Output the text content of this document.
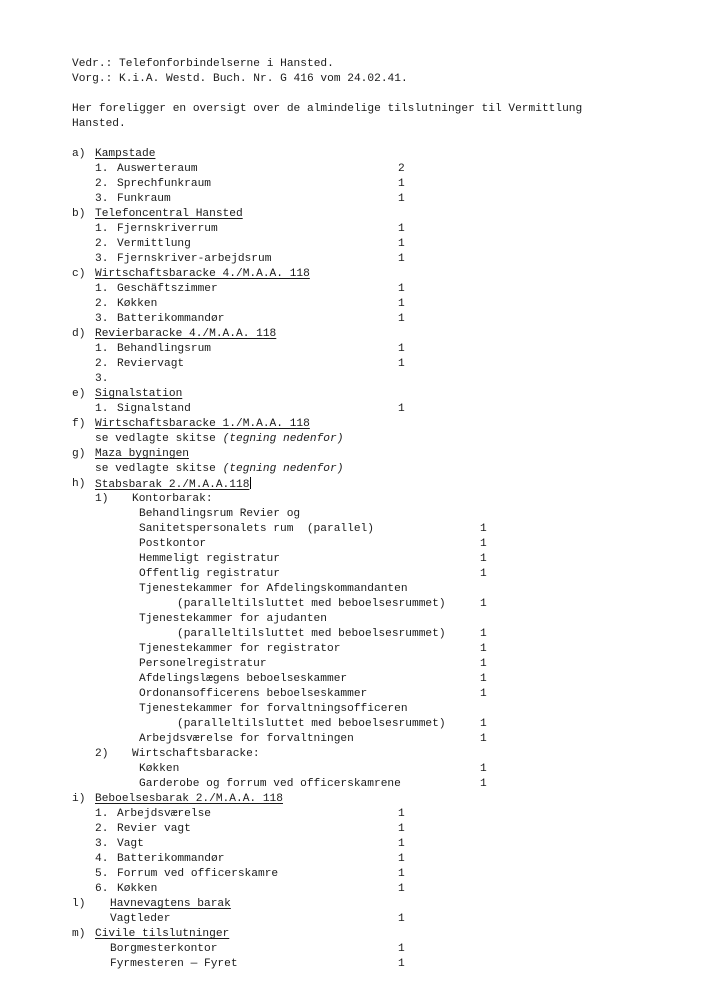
Vedr.: Telefonforbindelserne i Hansted.
Vorg.: K.i.A. Westd. Buch. Nr. G 416 vom 24.02.41.
Her foreligger en oversigt over de almindelige tilslutninger til Vermittlung
Hansted.
a) Kampstade
1. Auswerteraum	2
2. Sprechfunkraum	1
3. Funkraum	1
b) Telefoncentral Hansted
1. Fjernskriverrum	1
2. Vermittlung	1
3. Fjernskriver-arbejdsrum	1
c) Wirtschaftsbaracke 4./M.A.A. 118
1. Geschäftszimmer	1
2. Køkken	1
3. Batterikommandør	1
d) Revierbaracke 4./M.A.A. 118
1. Behandlingsrum	1
2. Reviervagt	1
3.
e) Signalstation
1. Signalstand	1
f) Wirtschaftsbaracke 1./M.A.A. 118
se vedlagte skitse (tegning nedenfor)
g) Maza bygningen
se vedlagte skitse (tegning nedenfor)
h) Stabsbarak 2./M.A.A.118
1) Kontorbarak:
Behandlingsrum Revier og
Sanitetspersonalets rum  (parallel)	1
Postkontor	1
Hemmeligt registratur	1
Offentlig registratur	1
Tjenestekammer for Afdelingskommandanten
(paralleltilsluttet med beboelsesrummet)	1
Tjenestekammer for ajudanten
(paralleltilsluttet med beboelsesrummet)	1
Tjenestekammer for registrator	1
Personelregistratur	1
Afdelingslægens beboelseskammer	1
Ordonansofficerens beboelseskammer	1
Tjenestekammer for forvaltningsofficeren
(paralleltilsluttet med beboelsesrummet)	1
Arbejdsværelse for forvaltningen	1
2) Wirtschaftsbaracke:
Køkken	1
Garderobe og forrum ved officerskamrene	1
i) Beboelsesbarak 2./M.A.A. 118
1. Arbejdsværelse	1
2. Revier vagt	1
3. Vagt	1
4. Batterikommandør	1
5. Forrum ved officerskamre	1
6. Køkken	1
l) Havnevagtens barak
Vagtleder	1
m) Civile tilslutninger
Borgmesterkontor	1
Fyrmesteren — Fyret	1
